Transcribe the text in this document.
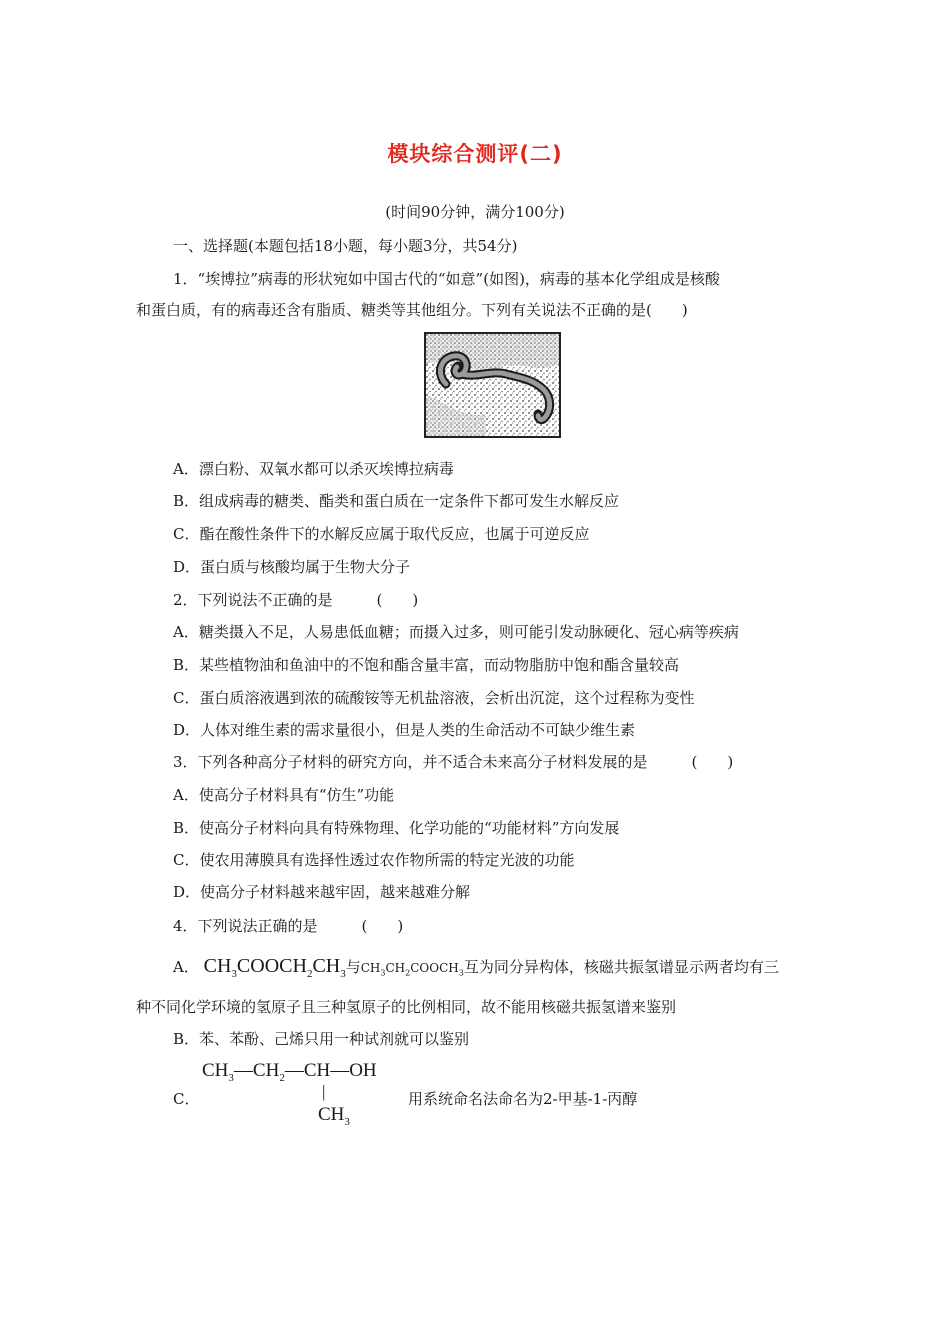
模块综合测评(二)
(时间90分钟，满分100分)
一、选择题(本题包括18小题，每小题3分，共54分)
1．“埃博拉”病毒的形状宛如中国古代的“如意”(如图)，病毒的基本化学组成是核酸
和蛋白质，有的病毒还含有脂质、糖类等其他组分。下列有关说法不正确的是(　　)
A．漂白粉、双氧水都可以杀灭埃博拉病毒
B．组成病毒的糖类、酯类和蛋白质在一定条件下都可发生水解反应
C．酯在酸性条件下的水解反应属于取代反应，也属于可逆反应
D．蛋白质与核酸均属于生物大分子
2．下列说法不正确的是	(　　)
A．糖类摄入不足，人易患低血糖；而摄入过多，则可能引发动脉硬化、冠心病等疾病
B．某些植物油和鱼油中的不饱和酯含量丰富，而动物脂肪中饱和酯含量较高
C．蛋白质溶液遇到浓的硫酸铵等无机盐溶液，会析出沉淀，这个过程称为变性
D．人体对维生素的需求量很小，但是人类的生命活动不可缺少维生素
3．下列各种高分子材料的研究方向，并不适合未来高分子材料发展的是	(　　)
A．使高分子材料具有“仿生”功能
B．使高分子材料向具有特殊物理、化学功能的“功能材料”方向发展
C．使农用薄膜具有选择性透过农作物所需的特定光波的功能
D．使高分子材料越来越牢固，越来越难分解
4．下列说法正确的是	(　　)
A． $CH_3COOCH_2CH_3$与$CH_3CH_2COOCH_3$互为同分异构体，核磁共振氢谱显示两者均有三
种不同化学环境的氢原子且三种氢原子的比例相同，故不能用核磁共振氢谱来鉴别
B．苯、苯酚、己烯只用一种试剂就可以鉴别
C．
$CH_3—CH_2—CH—OH$
|
$CH_3$
用系统命名法命名为2-甲基-1-丙醇
